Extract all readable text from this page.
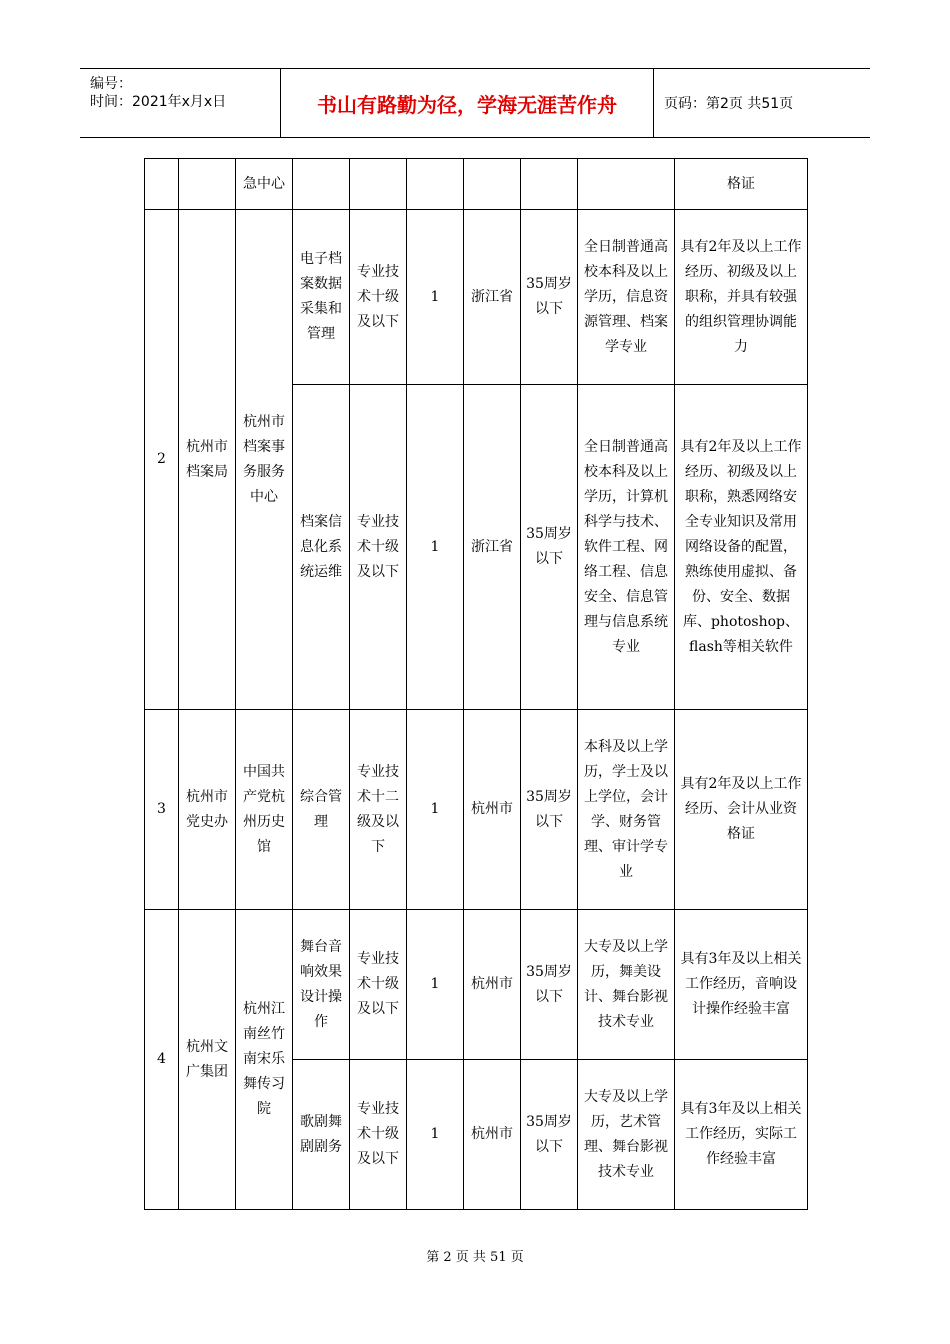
编号：
时间：2021年x月x日	书山有路勤为径，学海无涯苦作舟	页码：第2页 共51页
		急中心							格证
2	杭州市档案局	杭州市档案事务服务中心	电子档案数据采集和管理	专业技术十级及以下	1	浙江省	35周岁以下	全日制普通高校本科及以上学历，信息资源管理、档案学专业	具有2年及以上工作经历、初级及以上职称，并具有较强的组织管理协调能力
			档案信息化系统运维	专业技术十级及以下	1	浙江省	35周岁以下	全日制普通高校本科及以上学历，计算机科学与技术、软件工程、网络工程、信息安全、信息管理与信息系统专业	具有2年及以上工作经历、初级及以上职称，熟悉网络安全专业知识及常用网络设备的配置，熟练使用虚拟、备份、安全、数据库、photoshop、flash等相关软件
3	杭州市党史办	中国共产党杭州历史馆	综合管理	专业技术十二级及以下	1	杭州市	35周岁以下	本科及以上学历，学士及以上学位，会计学、财务管理、审计学专业	具有2年及以上工作经历、会计从业资格证
4	杭州文广集团	杭州江南丝竹南宋乐舞传习院	舞台音响效果设计操作	专业技术十级及以下	1	杭州市	35周岁以下	大专及以上学历，舞美设计、舞台影视技术专业	具有3年及以上相关工作经历，音响设计操作经验丰富
			歌剧舞剧剧务	专业技术十级及以下	1	杭州市	35周岁以下	大专及以上学历，艺术管理、舞台影视技术专业	具有3年及以上相关工作经历，实际工作经验丰富
第 2 页 共 51 页
